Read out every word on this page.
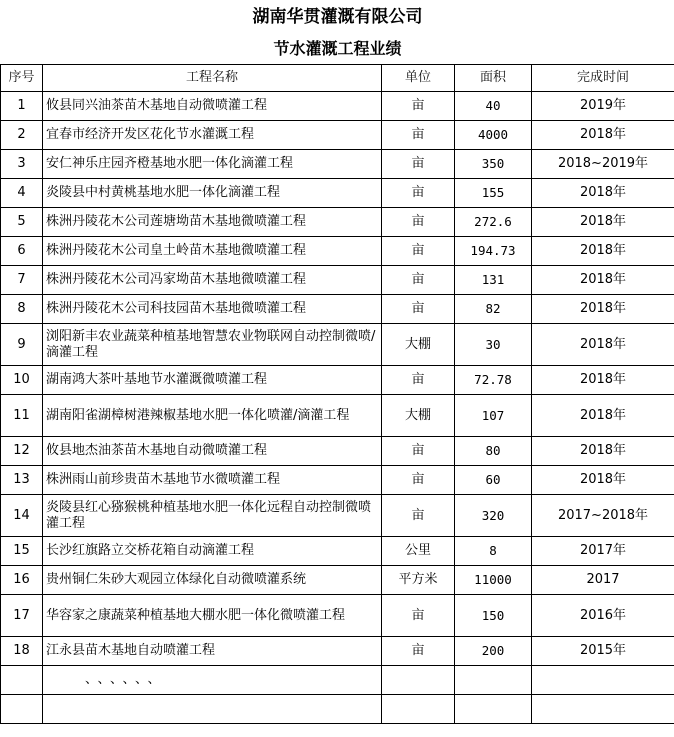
湖南华贯灌溉有限公司				
节水灌溉工程业绩				
序号	工程名称	单位	面积	完成时间
1	攸县同兴油茶苗木基地自动微喷灌工程	亩	40	2019年
2	宜春市经济开发区花化节水灌溉工程	亩	4000	2018年
3	安仁神乐庄园齐橙基地水肥一体化滴灌工程	亩	350	2018~2019年
4	炎陵县中村黄桃基地水肥一体化滴灌工程	亩	155	2018年
5	株洲丹陵花木公司莲塘坳苗木基地微喷灌工程	亩	272.6	2018年
6	株洲丹陵花木公司皇土岭苗木基地微喷灌工程	亩	194.73	2018年
7	株洲丹陵花木公司冯家坳苗木基地微喷灌工程	亩	131	2018年
8	株洲丹陵花木公司科技园苗木基地微喷灌工程	亩	82	2018年
9	浏阳新丰农业蔬菜种植基地智慧农业物联网自动控制微喷/滴灌工程	大棚	30	2018年
10	湖南鸿大茶叶基地节水灌溉微喷灌工程	亩	72.78	2018年
11	湖南阳雀湖樟树港辣椒基地水肥一体化喷灌/滴灌工程	大棚	107	2018年
12	攸县地杰油茶苗木基地自动微喷灌工程	亩	80	2018年
13	株洲雨山前珍贵苗木基地节水微喷灌工程	亩	60	2018年
14	炎陵县红心猕猴桃种植基地水肥一体化远程自动控制微喷灌工程	亩	320	2017~2018年
15	长沙红旗路立交桥花箱自动滴灌工程	公里	8	2017年
16	贵州铜仁朱砂大观园立体绿化自动微喷灌系统	平方米	11000	2017
17	华容家之康蔬菜种植基地大棚水肥一体化微喷灌工程	亩	150	2016年
18	江永县苗木基地自动喷灌工程	亩	200	2015年
	、、、、、、			
